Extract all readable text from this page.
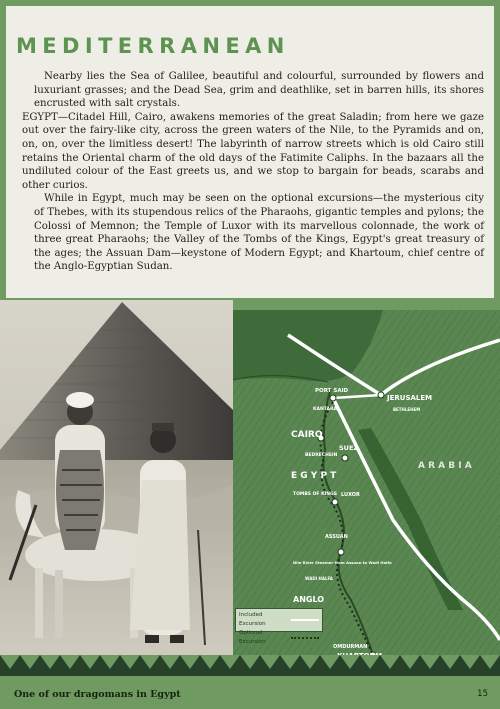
MEDITERRANEAN

Nearby lies the Sea of Galilee, beautiful and colourful, surrounded by flowers and luxuriant grasses; and the Dead Sea, grim and deathlike, set in barren hills, its shores encrusted with salt crystals.

EGYPT—Citadel Hill, Cairo, awakens memories of the great Saladin; from here we gaze out over the fairy-like city, across the green waters of the Nile, to the Pyramids and on, on, on, over the limitless desert! The labyrinth of narrow streets which is old Cairo still retains the Oriental charm of the old days of the Fatimite Caliphs. In the bazaars all the undiluted colour of the East greets us, and we stop to bargain for beads, scarabs and other curios.

While in Egypt, much may be seen on the optional excursions—the mysterious city of Thebes, with its stupendous relics of the Pharaohs, gigantic temples and pylons; the Colossi of Memnon; the Temple of Luxor with its marvellous colonnade, the work of three great Pharaohs; the Valley of the Tombs of the Kings, Egypt's great treasury of the ages; the Assuan Dam—keystone of Modern Egypt; and Khartoum, chief centre of the Anglo-Egyptian Sudan.

PORT SAID
JERUSALEM
BETHLEHEM
KANTARA
CAIRO
SUEZ
BEDRECHEIN
E G Y P T
TOMBS OF KINGS LUXOR
ASSUAN
A R A B I A
Nile River Steamer from Assuan to Wadi Halfa
WADI HALFA
ANGLO
OMDURMAN
Included Excursion
Optional Excursion
One of our dragomans in Egypt	15
